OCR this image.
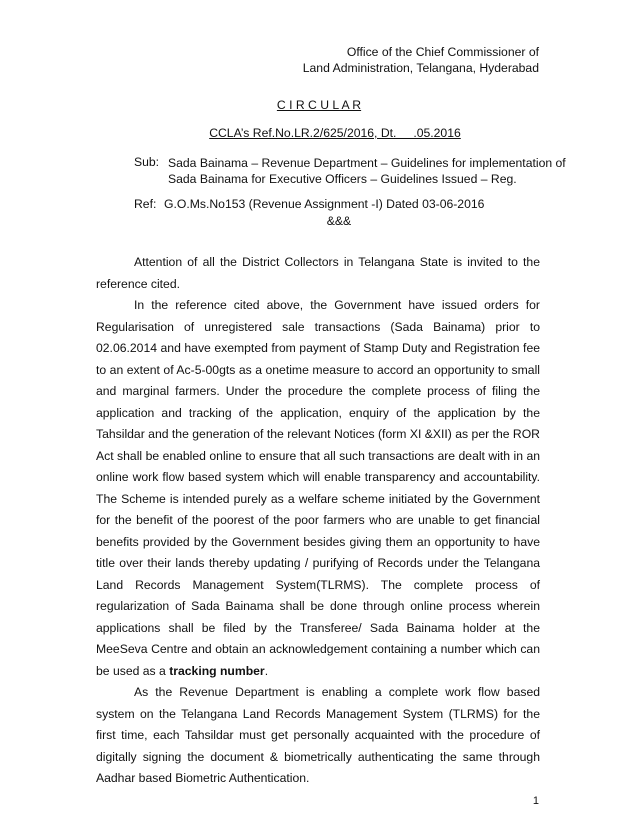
Office of the Chief Commissioner of
Land Administration, Telangana, Hyderabad
C I R C U L A R
CCLA’s Ref.No.LR.2/625/2016, Dt.     .05.2016
Sub: Sada Bainama – Revenue Department – Guidelines for implementation of
Sada Bainama for Executive Officers – Guidelines Issued – Reg.
Ref: G.O.Ms.No153 (Revenue Assignment -I) Dated 03-06-2016
&&&

Attention of all the District Collectors in Telangana State is invited to the reference cited.

In the reference cited above, the Government have issued orders for Regularisation of unregistered sale transactions (Sada Bainama) prior to 02.06.2014 and have exempted from payment of Stamp Duty and Registration fee to an extent of Ac-5-00gts as a onetime measure to accord an opportunity to small and marginal farmers. Under the procedure the complete process of filing the application and tracking of the application, enquiry of the application by the Tahsildar and the generation of the relevant Notices (form XI &XII) as per the ROR Act shall be enabled online to ensure that all such transactions are dealt with in an online work flow based system which will enable transparency and accountability. The Scheme is intended purely as a welfare scheme initiated by the Government for the benefit of the poorest of the poor farmers who are unable to get financial benefits provided by the Government besides giving them an opportunity to have title over their lands thereby updating / purifying of Records under the Telangana Land Records Management System(TLRMS). The complete process of regularization of Sada Bainama shall be done through online process wherein applications shall be filed by the Transferee/ Sada Bainama holder at the MeeSeva Centre and obtain an acknowledgement containing a number which can be used as a tracking number.

As the Revenue Department is enabling a complete work flow based system on the Telangana Land Records Management System (TLRMS) for the first time, each Tahsildar must get personally acquainted with the procedure of digitally signing the document & biometrically authenticating the same through Aadhar based Biometric Authentication.

1
